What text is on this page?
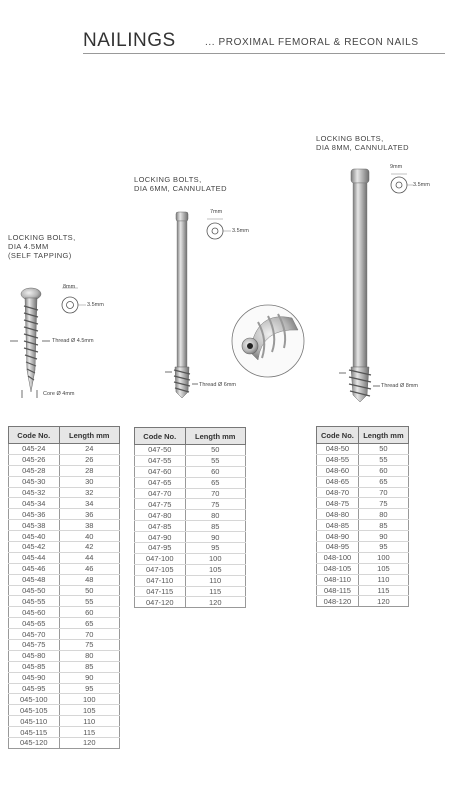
NAILINGS	... PROXIMAL FEMORAL & RECON NAILS
LOCKING BOLTS,
DIA 4.5MM
(SELF TAPPING)
LOCKING BOLTS,
DIA 6MM, CANNULATED
LOCKING BOLTS,
DIA 8MM, CANNULATED
8mm
3.5mm
Thread Ø 4.5mm
Core Ø 4mm
7mm
3.5mm
Thread Ø 6mm
9mm
3.5mm
Thread Ø 8mm
Code No.	Length mm
045-24	24
045-26	26
045-28	28
045-30	30
045-32	32
045-34	34
045-36	36
045-38	38
045-40	40
045-42	42
045-44	44
045-46	46
045-48	48
045-50	50
045-55	55
045-60	60
045-65	65
045-70	70
045-75	75
045-80	80
045-85	85
045-90	90
045-95	95
045-100	100
045-105	105
045-110	110
045-115	115
045-120	120
Code No.	Length mm
047-50	50
047-55	55
047-60	60
047-65	65
047-70	70
047-75	75
047-80	80
047-85	85
047-90	90
047-95	95
047-100	100
047-105	105
047-110	110
047-115	115
047-120	120
Code No.	Length mm
048-50	50
048-55	55
048-60	60
048-65	65
048-70	70
048-75	75
048-80	80
048-85	85
048-90	90
048-95	95
048-100	100
048-105	105
048-110	110
048-115	115
048-120	120
